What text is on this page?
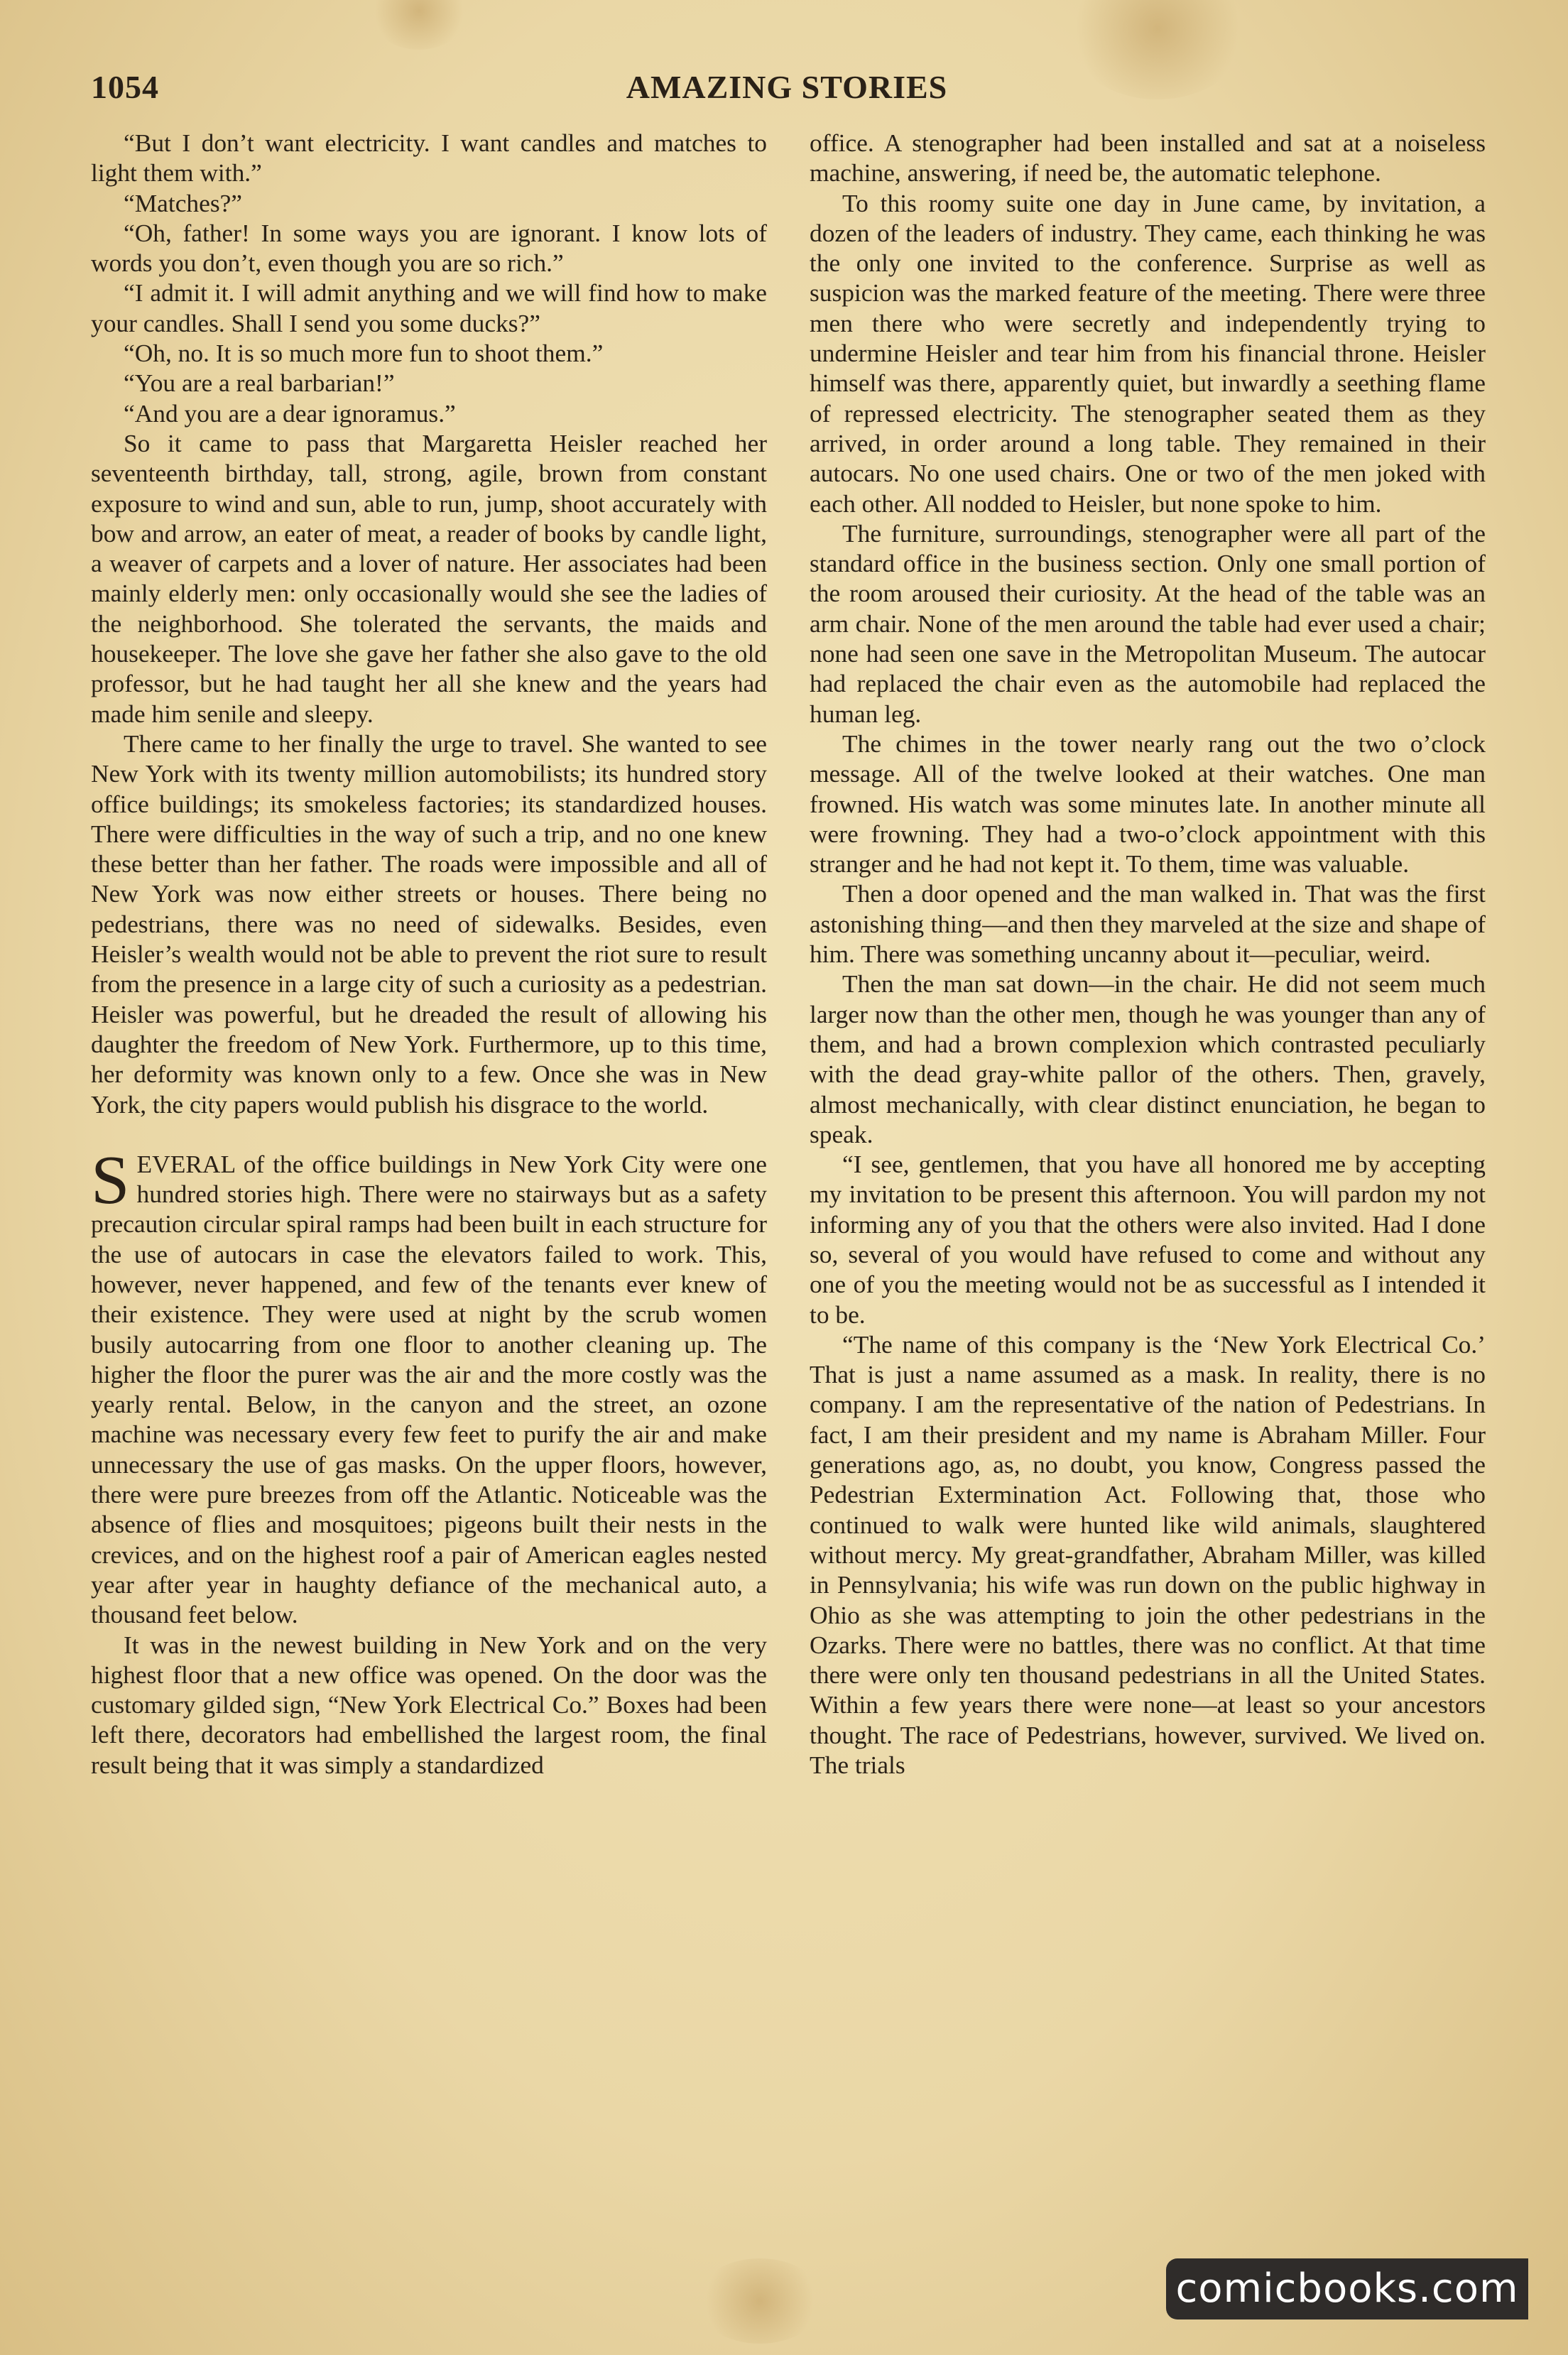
1054	AMAZING STORIES

“But I don’t want electricity. I want candles and matches to light them with.”

“Matches?”

“Oh, father! In some ways you are ignorant. I know lots of words you don’t, even though you are so rich.”

“I admit it. I will admit anything and we will find how to make your candles. Shall I send you some ducks?”

“Oh, no. It is so much more fun to shoot them.”

“You are a real barbarian!”

“And you are a dear ignoramus.”

So it came to pass that Margaretta Heisler reached her seventeenth birthday, tall, strong, agile, brown from constant exposure to wind and sun, able to run, jump, shoot accurately with bow and arrow, an eater of meat, a reader of books by candle light, a weaver of carpets and a lover of nature. Her associates had been mainly elderly men: only occasionally would she see the ladies of the neighborhood. She tolerated the servants, the maids and housekeeper. The love she gave her father she also gave to the old professor, but he had taught her all she knew and the years had made him senile and sleepy.

There came to her finally the urge to travel. She wanted to see New York with its twenty million automobilists; its hundred story office buildings; its smokeless factories; its standardized houses. There were difficulties in the way of such a trip, and no one knew these better than her father. The roads were impossible and all of New York was now either streets or houses. There being no pedestrians, there was no need of sidewalks. Besides, even Heisler’s wealth would not be able to prevent the riot sure to result from the presence in a large city of such a curiosity as a pedestrian. Heisler was powerful, but he dreaded the result of allowing his daughter the freedom of New York. Furthermore, up to this time, her deformity was known only to a few. Once she was in New York, the city papers would publish his disgrace to the world.

SEVERAL of the office buildings in New York City were one hundred stories high. There were no stairways but as a safety precaution circular spiral ramps had been built in each structure for the use of autocars in case the elevators failed to work. This, however, never happened, and few of the tenants ever knew of their existence. They were used at night by the scrub women busily autocarring from one floor to another cleaning up. The higher the floor the purer was the air and the more costly was the yearly rental. Below, in the canyon and the street, an ozone machine was necessary every few feet to purify the air and make unnecessary the use of gas masks. On the upper floors, however, there were pure breezes from off the Atlantic. Noticeable was the absence of flies and mosquitoes; pigeons built their nests in the crevices, and on the highest roof a pair of American eagles nested year after year in haughty defiance of the mechanical auto, a thousand feet below.

It was in the newest building in New York and on the very highest floor that a new office was opened. On the door was the customary gilded sign, “New York Electrical Co.” Boxes had been left there, decorators had embellished the largest room, the final result being that it was simply a standardized

office. A stenographer had been installed and sat at a noiseless machine, answering, if need be, the automatic telephone.

To this roomy suite one day in June came, by invitation, a dozen of the leaders of industry. They came, each thinking he was the only one invited to the conference. Surprise as well as suspicion was the marked feature of the meeting. There were three men there who were secretly and independently trying to undermine Heisler and tear him from his financial throne. Heisler himself was there, apparently quiet, but inwardly a seething flame of repressed electricity. The stenographer seated them as they arrived, in order around a long table. They remained in their autocars. No one used chairs. One or two of the men joked with each other. All nodded to Heisler, but none spoke to him.

The furniture, surroundings, stenographer were all part of the standard office in the business section. Only one small portion of the room aroused their curiosity. At the head of the table was an arm chair. None of the men around the table had ever used a chair; none had seen one save in the Metropolitan Museum. The autocar had replaced the chair even as the automobile had replaced the human leg.

The chimes in the tower nearly rang out the two o’clock message. All of the twelve looked at their watches. One man frowned. His watch was some minutes late. In another minute all were frowning. They had a two-o’clock appointment with this stranger and he had not kept it. To them, time was valuable.

Then a door opened and the man walked in. That was the first astonishing thing—and then they marveled at the size and shape of him. There was something uncanny about it—peculiar, weird.

Then the man sat down—in the chair. He did not seem much larger now than the other men, though he was younger than any of them, and had a brown complexion which contrasted peculiarly with the dead gray-white pallor of the others. Then, gravely, almost mechanically, with clear distinct enunciation, he began to speak.

“I see, gentlemen, that you have all honored me by accepting my invitation to be present this afternoon. You will pardon my not informing any of you that the others were also invited. Had I done so, several of you would have refused to come and without any one of you the meeting would not be as successful as I intended it to be.

“The name of this company is the ‘New York Electrical Co.’ That is just a name assumed as a mask. In reality, there is no company. I am the representative of the nation of Pedestrians. In fact, I am their president and my name is Abraham Miller. Four generations ago, as, no doubt, you know, Congress passed the Pedestrian Extermination Act. Following that, those who continued to walk were hunted like wild animals, slaughtered without mercy. My great-grandfather, Abraham Miller, was killed in Pennsylvania; his wife was run down on the public highway in Ohio as she was attempting to join the other pedestrians in the Ozarks. There were no battles, there was no conflict. At that time there were only ten thousand pedestrians in all the United States. Within a few years there were none—at least so your ancestors thought. The race of Pedestrians, however, survived. We lived on. The trials

comicbooks.com
